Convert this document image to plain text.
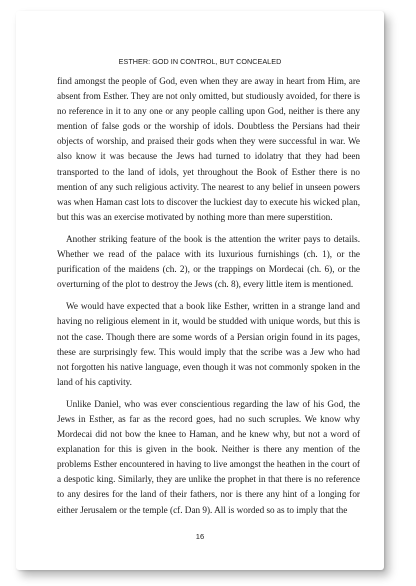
ESTHER: GOD IN CONTROL, BUT CONCEALED

find amongst the people of God, even when they are away in heart from Him, are absent from Esther. They are not only omitted, but studiously avoided, for there is no reference in it to any one or any people calling upon God, neither is there any mention of false gods or the worship of idols. Doubtless the Persians had their objects of worship, and praised their gods when they were successful in war. We also know it was because the Jews had turned to idolatry that they had been transported to the land of idols, yet throughout the Book of Esther there is no mention of any such religious activity. The nearest to any belief in unseen powers was when Haman cast lots to discover the luckiest day to execute his wicked plan, but this was an exercise motivated by nothing more than mere superstition.

Another striking feature of the book is the attention the writer pays to details. Whether we read of the palace with its luxurious furnishings (ch. 1), or the purification of the maidens (ch. 2), or the trappings on Mordecai (ch. 6), or the overturning of the plot to destroy the Jews (ch. 8), every little item is mentioned.

We would have expected that a book like Esther, written in a strange land and having no religious element in it, would be studded with unique words, but this is not the case. Though there are some words of a Persian origin found in its pages, these are surprisingly few. This would imply that the scribe was a Jew who had not forgotten his native language, even though it was not commonly spoken in the land of his captivity.

Unlike Daniel, who was ever conscientious regarding the law of his God, the Jews in Esther, as far as the record goes, had no such scruples. We know why Mordecai did not bow the knee to Haman, and he knew why, but not a word of explanation for this is given in the book. Neither is there any mention of the problems Esther encountered in having to live amongst the heathen in the court of a despotic king. Similarly, they are unlike the prophet in that there is no reference to any desires for the land of their fathers, nor is there any hint of a longing for either Jerusalem or the temple (cf. Dan 9). All is worded so as to imply that the

16
